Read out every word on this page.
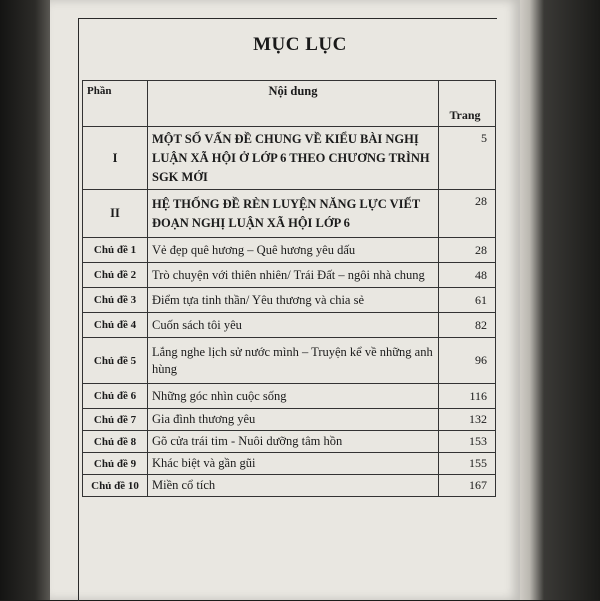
MỤC LỤC
Phần	Nội dung	Trang
I	MỘT SỐ VẤN ĐỀ CHUNG VỀ KIỂU BÀI NGHỊ LUẬN XÃ HỘI Ở LỚP 6 THEO CHƯƠNG TRÌNH SGK MỚI	5
II	HỆ THỐNG ĐỀ RÈN LUYỆN NĂNG LỰC VIẾT ĐOẠN NGHỊ LUẬN XÃ HỘI LỚP 6	28
Chủ đề 1	Vẻ đẹp quê hương – Quê hương yêu dấu	28
Chủ đề 2	Trò chuyện với thiên nhiên/ Trái Đất – ngôi nhà chung	48
Chủ đề 3	Điểm tựa tinh thần/ Yêu thương và chia sẻ	61
Chủ đề 4	Cuốn sách tôi yêu	82
Chủ đề 5	Lắng nghe lịch sử nước mình – Truyện kể về những anh hùng	96
Chủ đề 6	Những góc nhìn cuộc sống	116
Chủ đề 7	Gia đình thương yêu	132
Chủ đề 8	Gõ cửa trái tim - Nuôi dưỡng tâm hồn	153
Chủ đề 9	Khác biệt và gần gũi	155
Chủ đề 10	Miền cổ tích	167
